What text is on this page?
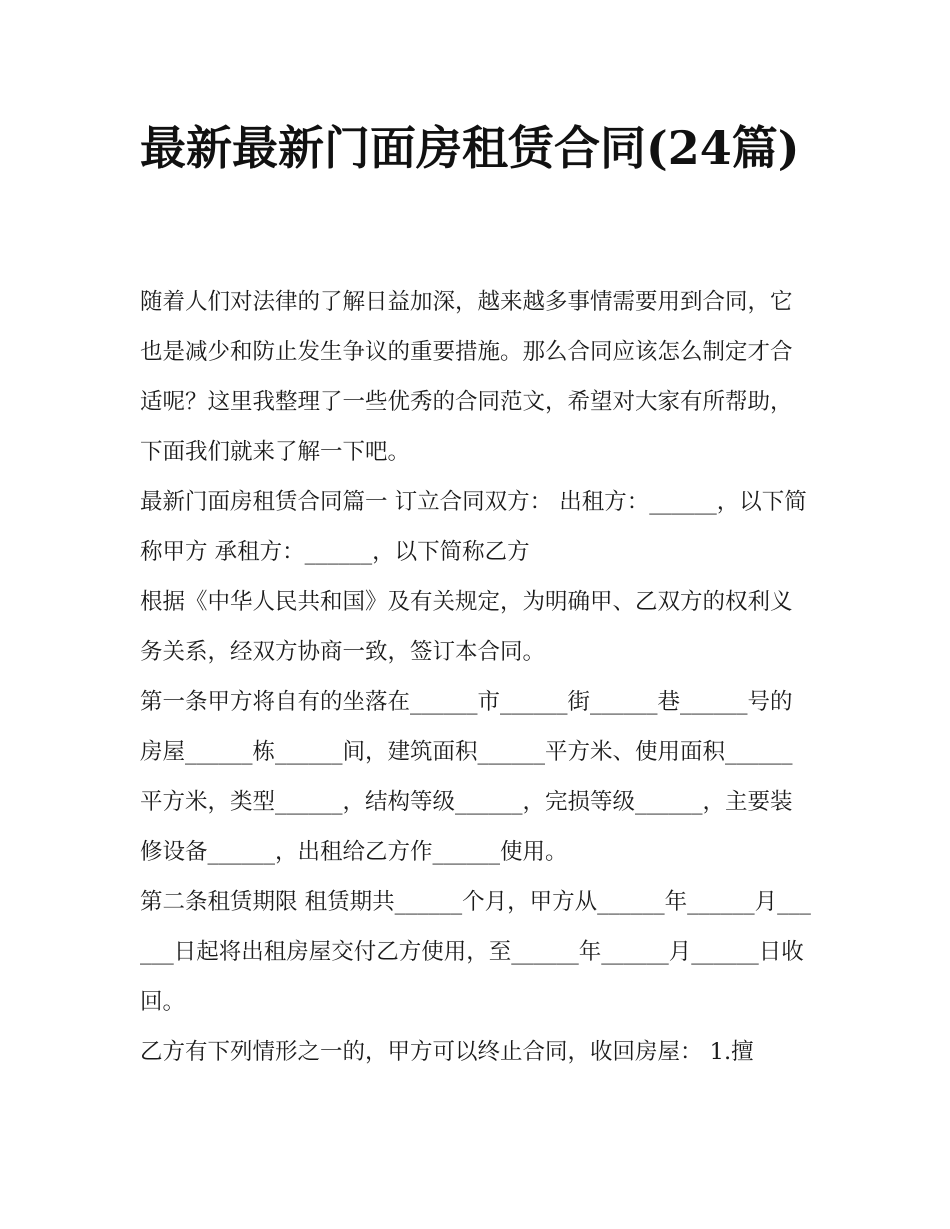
最新最新门面房租赁合同(24篇)

随着人们对法律的了解日益加深，越来越多事情需要用到合同，它也是减少和防止发生争议的重要措施。那么合同应该怎么制定才合适呢？这里我整理了一些优秀的合同范文，希望对大家有所帮助，下面我们就来了解一下吧。

最新门面房租赁合同篇一 订立合同双方： 出租方：______，以下简称甲方 承租方：______，以下简称乙方

根据《中华人民共和国》及有关规定，为明确甲、乙双方的权利义务关系，经双方协商一致，签订本合同。

第一条甲方将自有的坐落在______市______街______巷______号的房屋______栋______间，建筑面积______平方米、使用面积______平方米，类型______，结构等级______，完损等级______，主要装修设备______，出租给乙方作______使用。

第二条租赁期限 租赁期共______个月，甲方从______年______月______日起将出租房屋交付乙方使用，至______年______月______日收回。

乙方有下列情形之一的，甲方可以终止合同，收回房屋： 1.擅
